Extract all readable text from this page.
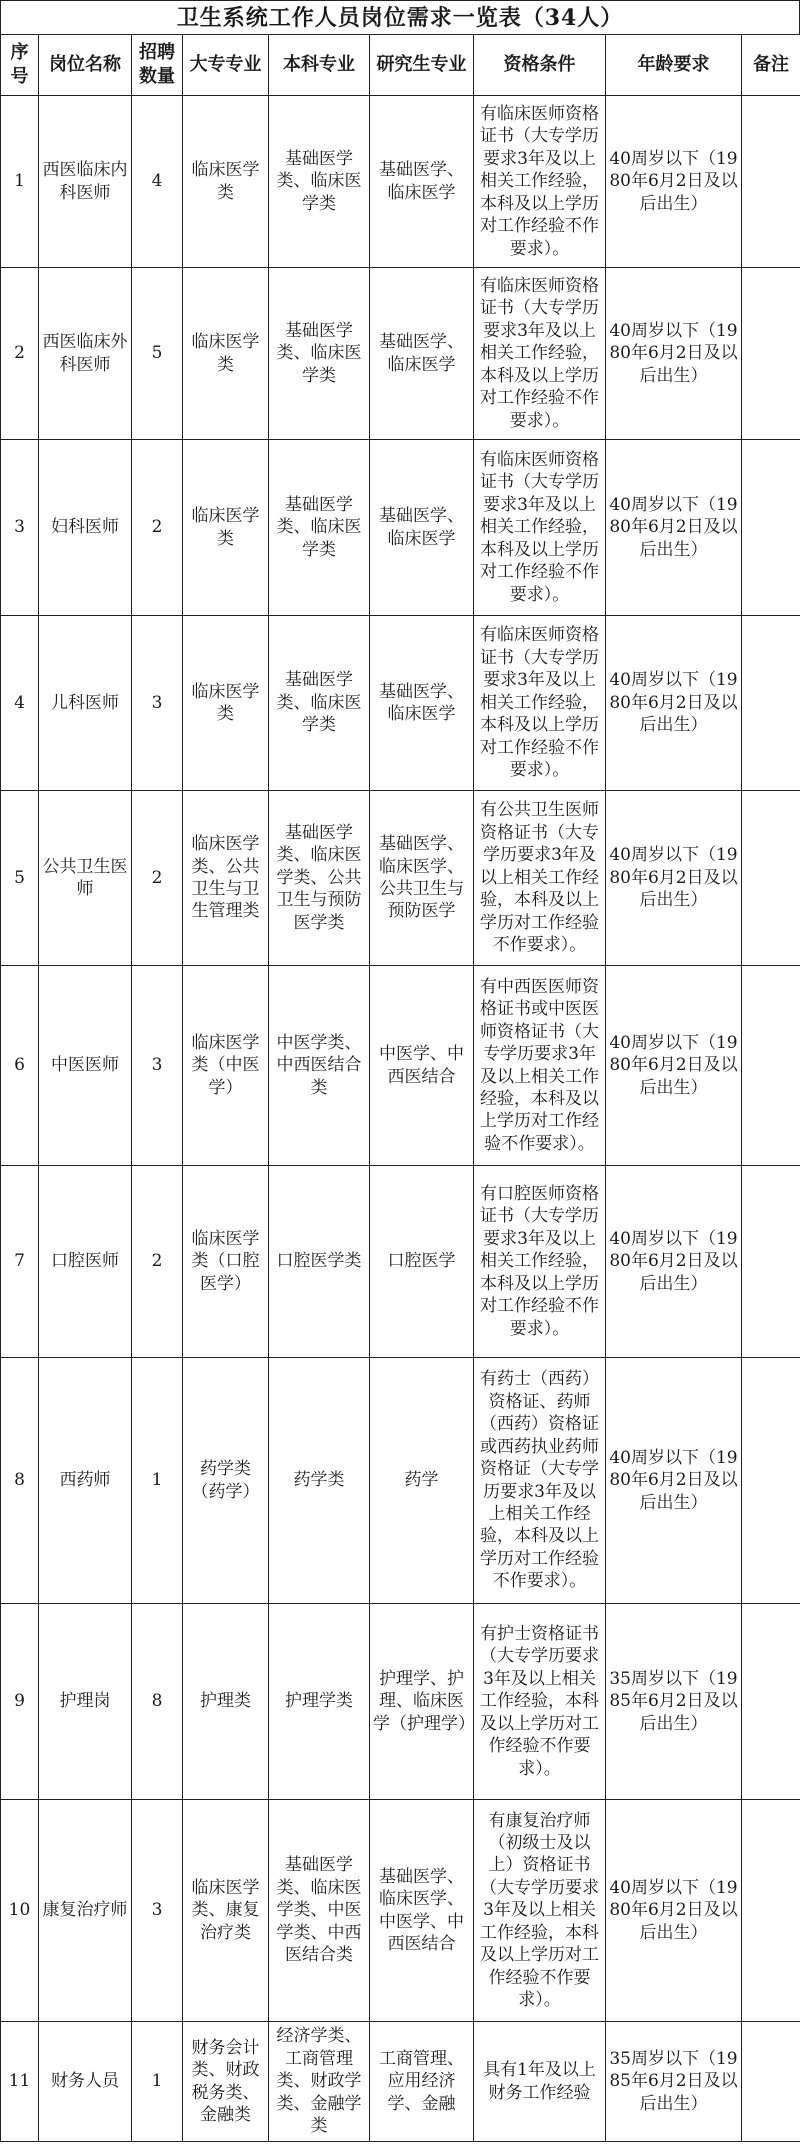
卫生系统工作人员岗位需求一览表（34人）
序号	岗位名称	招聘数量	大专专业	本科专业	研究生专业	资格条件	年龄要求	备注
1	西医临床内科医师	4	临床医学类	基础医学类、临床医学类	基础医学、临床医学	有临床医师资格证书（大专学历要求3年及以上相关工作经验，本科及以上学历对工作经验不作要求）。	40周岁以下（1980年6月2日及以后出生）	
2	西医临床外科医师	5	临床医学类	基础医学类、临床医学类	基础医学、临床医学	有临床医师资格证书（大专学历要求3年及以上相关工作经验，本科及以上学历对工作经验不作要求）。	40周岁以下（1980年6月2日及以后出生）	
3	妇科医师	2	临床医学类	基础医学类、临床医学类	基础医学、临床医学	有临床医师资格证书（大专学历要求3年及以上相关工作经验，本科及以上学历对工作经验不作要求）。	40周岁以下（1980年6月2日及以后出生）	
4	儿科医师	3	临床医学类	基础医学类、临床医学类	基础医学、临床医学	有临床医师资格证书（大专学历要求3年及以上相关工作经验，本科及以上学历对工作经验不作要求）。	40周岁以下（1980年6月2日及以后出生）	
5	公共卫生医师	2	临床医学类、公共卫生与卫生管理类	基础医学类、临床医学类、公共卫生与预防医学类	基础医学、临床医学、公共卫生与预防医学	有公共卫生医师资格证书（大专学历要求3年及以上相关工作经验，本科及以上学历对工作经验不作要求）。	40周岁以下（1980年6月2日及以后出生）	
6	中医医师	3	临床医学类（中医学）	中医学类、中西医结合类	中医学、中西医结合	有中西医医师资格证书或中医医师资格证书（大专学历要求3年及以上相关工作经验，本科及以上学历对工作经验不作要求）。	40周岁以下（1980年6月2日及以后出生）	
7	口腔医师	2	临床医学类（口腔医学）	口腔医学类	口腔医学	有口腔医师资格证书（大专学历要求3年及以上相关工作经验，本科及以上学历对工作经验不作要求）。	40周岁以下（1980年6月2日及以后出生）	
8	西药师	1	药学类（药学）	药学类	药学	有药士（西药）资格证、药师（西药）资格证或西药执业药师资格证（大专学历要求3年及以上相关工作经验，本科及以上学历对工作经验不作要求）。	40周岁以下（1980年6月2日及以后出生）	
9	护理岗	8	护理类	护理学类	护理学、护理、临床医学（护理学）	有护士资格证书（大专学历要求3年及以上相关工作经验，本科及以上学历对工作经验不作要求）。	35周岁以下（1985年6月2日及以后出生）	
10	康复治疗师	3	临床医学类、康复治疗类	基础医学类、临床医学类、中医学类、中西医结合类	基础医学、临床医学、中医学、中西医结合	有康复治疗师（初级士及以上）资格证书（大专学历要求3年及以上相关工作经验，本科及以上学历对工作经验不作要求）。	40周岁以下（1980年6月2日及以后出生）	
11	财务人员	1	财务会计类、财政税务类、金融类	经济学类、工商管理类、财政学类、金融学类	工商管理、应用经济学、金融	具有1年及以上财务工作经验	35周岁以下（1985年6月2日及以后出生）	
